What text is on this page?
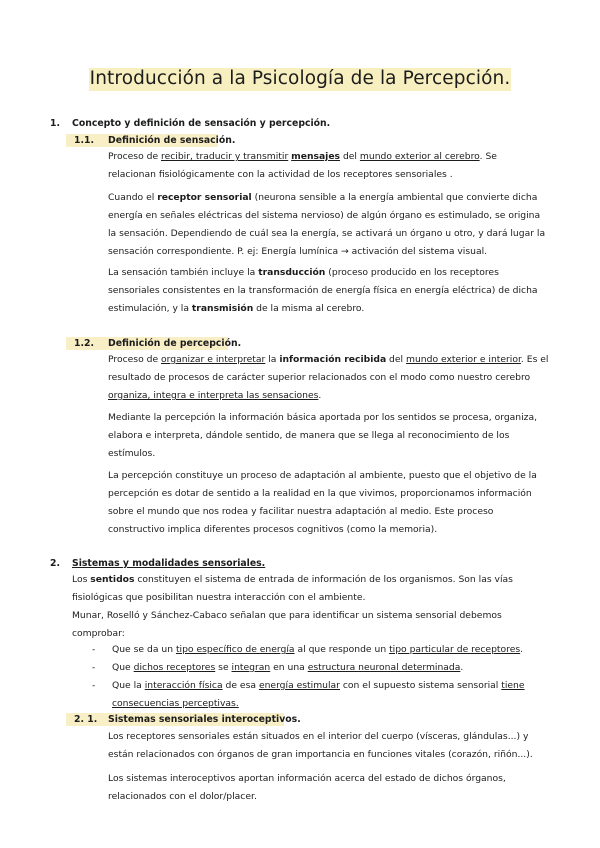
Introducción a la Psicología de la Percepción.
1. Concepto y definición de sensación y percepción.
1.1. Definición de sensación.
Proceso de recibir, traducir y transmitir mensajes del mundo exterior al cerebro. Se
relacionan fisiológicamente con la actividad de los receptores sensoriales .
Cuando el receptor sensorial (neurona sensible a la energía ambiental que convierte dicha
energía en señales eléctricas del sistema nervioso) de algún órgano es estimulado, se origina
la sensación. Dependiendo de cuál sea la energía, se activará un órgano u otro, y dará lugar la
sensación correspondiente. P. ej: Energía lumínica → activación del sistema visual.
La sensación también incluye la transducción (proceso producido en los receptores
sensoriales consistentes en la transformación de energía física en energía eléctrica) de dicha
estimulación, y la transmisión de la misma al cerebro.
1.2. Definición de percepción.
Proceso de organizar e interpretar la información recibida del mundo exterior e interior. Es el
resultado de procesos de carácter superior relacionados con el modo como nuestro cerebro
organiza, integra e interpreta las sensaciones.
Mediante la percepción la información básica aportada por los sentidos se procesa, organiza,
elabora e interpreta, dándole sentido, de manera que se llega al reconocimiento de los
estímulos.
La percepción constituye un proceso de adaptación al ambiente, puesto que el objetivo de la
percepción es dotar de sentido a la realidad en la que vivimos, proporcionamos información
sobre el mundo que nos rodea y facilitar nuestra adaptación al medio. Este proceso
constructivo implica diferentes procesos cognitivos (como la memoria).
2. Sistemas y modalidades sensoriales.
Los sentidos constituyen el sistema de entrada de información de los organismos. Son las vías
fisiológicas que posibilitan nuestra interacción con el ambiente.
Munar, Roselló y Sánchez-Cabaco señalan que para identificar un sistema sensorial debemos
comprobar:
- Que se da un tipo específico de energía al que responde un tipo particular de receptores.
- Que dichos receptores se integran en una estructura neuronal determinada.
- Que la interacción física de esa energía estimular con el supuesto sistema sensorial tiene
consecuencias perceptivas.
2. 1. Sistemas sensoriales interoceptivos.
Los receptores sensoriales están situados en el interior del cuerpo (vísceras, glándulas...) y
están relacionados con órganos de gran importancia en funciones vitales (corazón, riñón...).
Los sistemas interoceptivos aportan información acerca del estado de dichos órganos,
relacionados con el dolor/placer.
